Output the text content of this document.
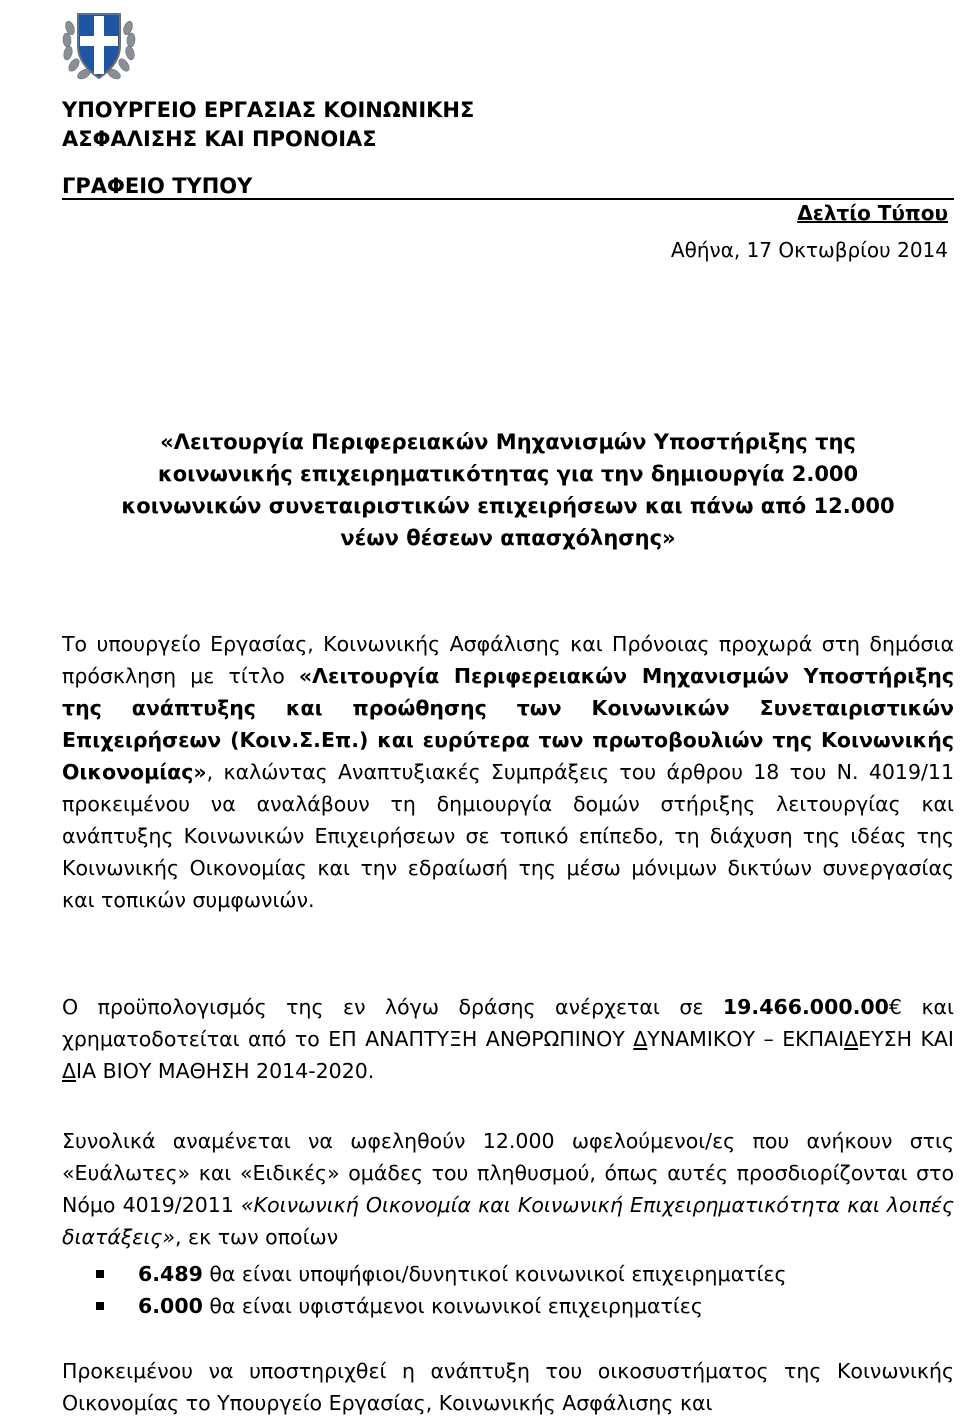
ΥΠΟΥΡΓΕΙΟ ΕΡΓΑΣΙΑΣ ΚΟΙΝΩΝΙΚΗΣ
ΑΣΦΑΛΙΣΗΣ ΚΑΙ ΠΡΟΝΟΙΑΣ
ΓΡΑΦΕΙΟ ΤΥΠΟΥ
Δελτίο Τύπου
Αθήνα, 17 Οκτωβρίου 2014
«Λειτουργία Περιφερειακών Μηχανισμών Υποστήριξης της
κοινωνικής επιχειρηματικότητας για την δημιουργία 2.000
κοινωνικών συνεταιριστικών επιχειρήσεων και πάνω από 12.000
νέων θέσεων απασχόλησης»
Το υπουργείο Εργασίας, Κοινωνικής Ασφάλισης και Πρόνοιας προχωρά στη δημόσια πρόσκληση με τίτλο «Λειτουργία Περιφερειακών Μηχανισμών Υποστήριξης της ανάπτυξης και προώθησης των Κοινωνικών Συνεταιριστικών Επιχειρήσεων (Κοιν.Σ.Επ.) και ευρύτερα των πρωτοβουλιών της Κοινωνικής Οικονομίας», καλώντας Αναπτυξιακές Συμπράξεις του άρθρου 18 του Ν. 4019/11 προκειμένου να αναλάβουν τη δημιουργία δομών στήριξης λειτουργίας και ανάπτυξης Κοινωνικών Επιχειρήσεων σε τοπικό επίπεδο, τη διάχυση της ιδέας της Κοινωνικής Οικονομίας και την εδραίωσή της μέσω μόνιμων δικτύων συνεργασίας και τοπικών συμφωνιών.
Ο προϋπολογισμός της εν λόγω δράσης ανέρχεται σε 19.466.000.00€ και χρηματοδοτείται από το ΕΠ ΑΝΑΠΤΥΞΗ ΑΝΘΡΩΠΙΝΟΥ ΔΥΝΑΜΙΚΟΥ – ΕΚΠΑΙΔΕΥΣΗ ΚΑΙ ΔΙΑ ΒΙΟΥ ΜΑΘΗΣΗ 2014-2020.
Συνολικά αναμένεται να ωφεληθούν 12.000 ωφελούμενοι/ες που ανήκουν στις «Ευάλωτες» και «Ειδικές» ομάδες του πληθυσμού, όπως αυτές προσδιορίζονται στο Νόμο 4019/2011 «Κοινωνική Οικονομία και Κοινωνική Επιχειρηματικότητα και λοιπές διατάξεις», εκ των οποίων
6.489 θα είναι υποψήφιοι/δυνητικοί κοινωνικοί επιχειρηματίες
6.000 θα είναι υφιστάμενοι κοινωνικοί επιχειρηματίες
Προκειμένου να υποστηριχθεί η ανάπτυξη του οικοσυστήματος της Κοινωνικής Οικονομίας το Υπουργείο Εργασίας, Κοινωνικής Ασφάλισης και
